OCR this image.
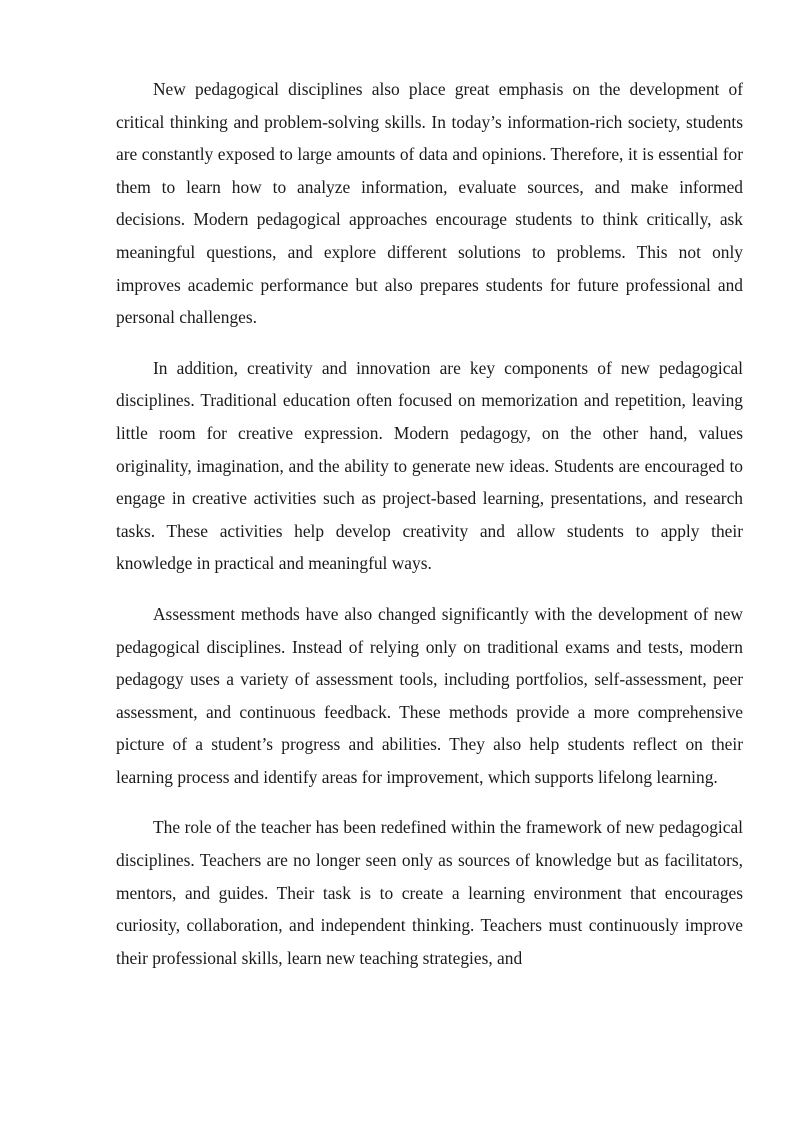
New pedagogical disciplines also place great emphasis on the development of critical thinking and problem-solving skills. In today’s information-rich society, students are constantly exposed to large amounts of data and opinions. Therefore, it is essential for them to learn how to analyze information, evaluate sources, and make informed decisions. Modern pedagogical approaches encourage students to think critically, ask meaningful questions, and explore different solutions to problems. This not only improves academic performance but also prepares students for future professional and personal challenges.

In addition, creativity and innovation are key components of new pedagogical disciplines. Traditional education often focused on memorization and repetition, leaving little room for creative expression. Modern pedagogy, on the other hand, values originality, imagination, and the ability to generate new ideas. Students are encouraged to engage in creative activities such as project-based learning, presentations, and research tasks. These activities help develop creativity and allow students to apply their knowledge in practical and meaningful ways.

Assessment methods have also changed significantly with the development of new pedagogical disciplines. Instead of relying only on traditional exams and tests, modern pedagogy uses a variety of assessment tools, including portfolios, self-assessment, peer assessment, and continuous feedback. These methods provide a more comprehensive picture of a student’s progress and abilities. They also help students reflect on their learning process and identify areas for improvement, which supports lifelong learning.

The role of the teacher has been redefined within the framework of new pedagogical disciplines. Teachers are no longer seen only as sources of knowledge but as facilitators, mentors, and guides. Their task is to create a learning environment that encourages curiosity, collaboration, and independent thinking. Teachers must continuously improve their professional skills, learn new teaching strategies, and
